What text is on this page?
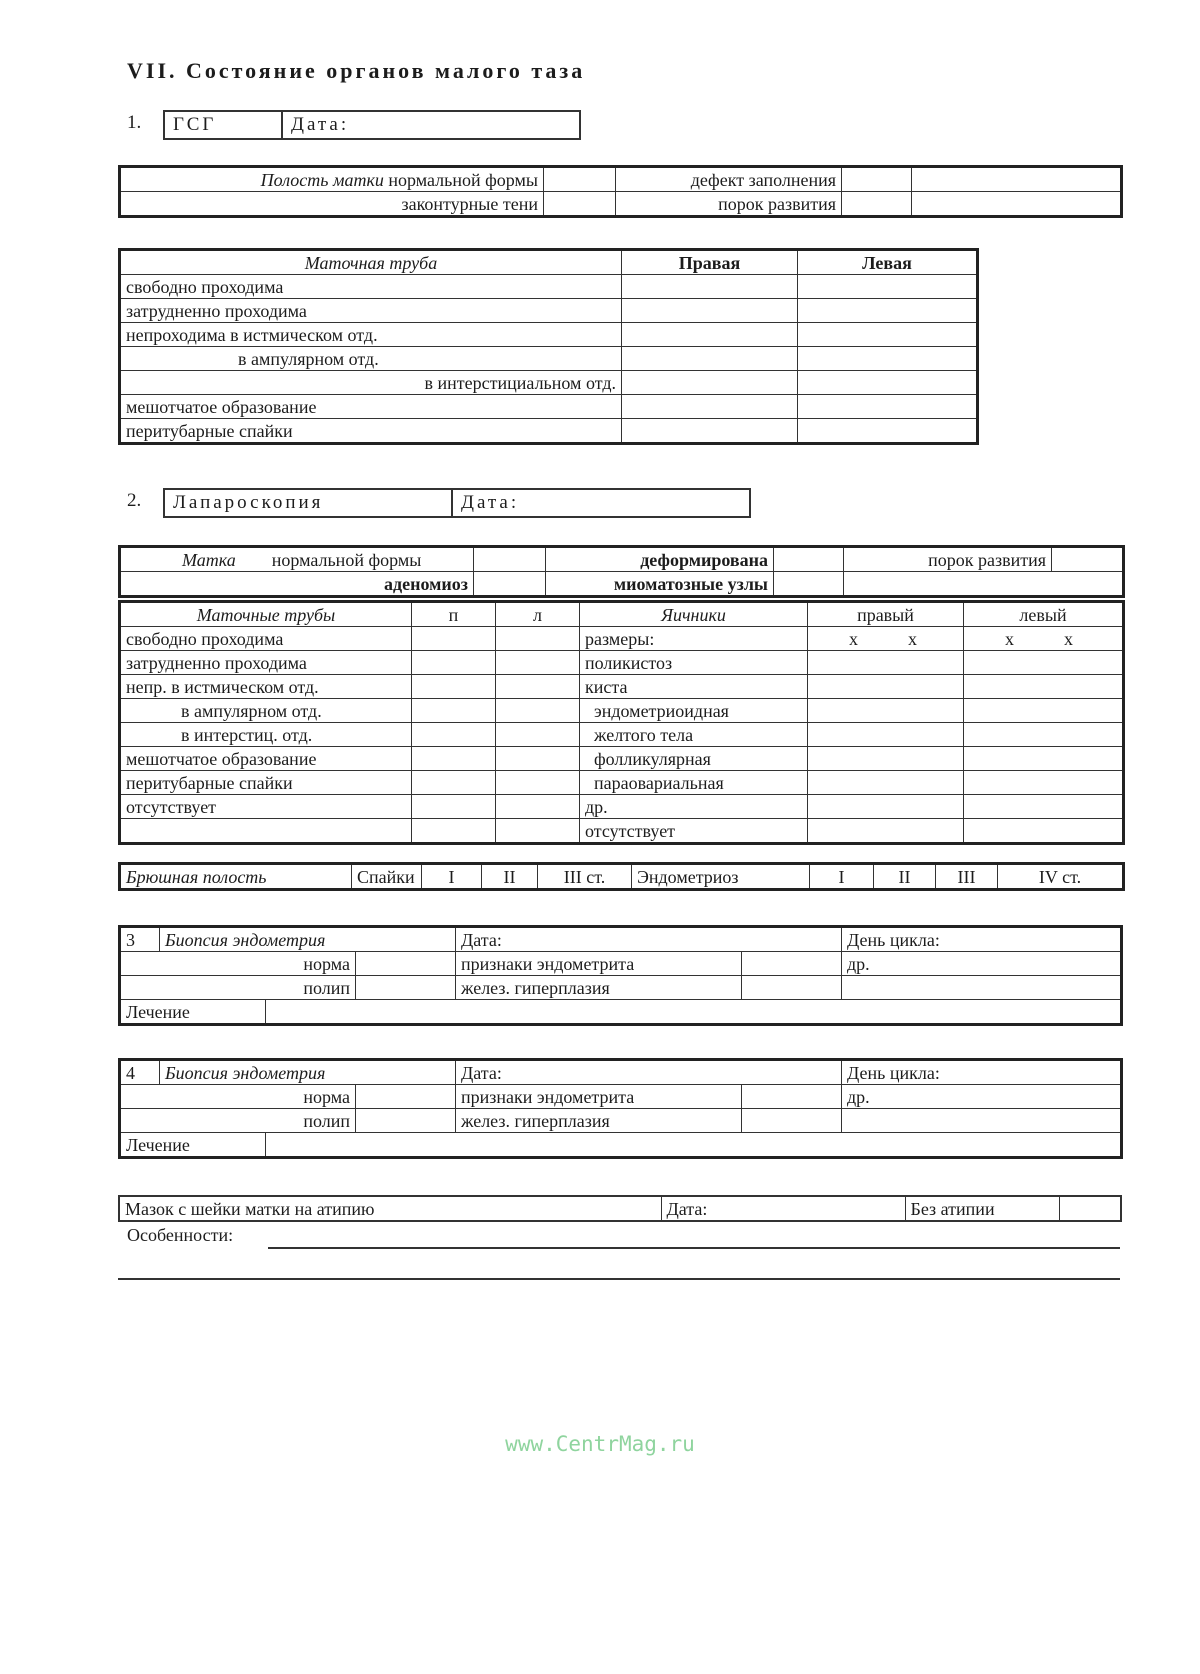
VII. Состояние органов малого таза
1.	ГСГ	Дата:
Полость матки нормальной формы		дефект заполнения		
законтурные тени		порок развития		
Маточная труба	Правая	Левая
свободно проходима		
затрудненно проходима		
непроходима в истмическом отд.		
в ампулярном отд.		
в интерстициальном отд.		
мешотчатое образование		
перитубарные спайки		
2.	Лапароскопия	Дата:
Матка нормальной формы		деформирована		порок развития	
аденомиоз		миоматозные узлы			
Маточные трубы	п	л	Яичники	правый	левый
свободно проходима			размеры:	х х	х х
затрудненно проходима			поликистоз		
непр. в истмическом отд.			киста		
в ампулярном отд.			эндометриоидная		
в интерстиц. отд.			желтого тела		
мешотчатое образование			фолликулярная		
перитубарные спайки			параовариальная		
отсутствует			др.		
			отсутствует		
Брюшная полость	Спайки	I	II	III ст.	Эндометриоз	I	II	III	IV ст.
3	Биопсия эндометрия			Дата:		День цикла:
норма				признаки эндометрита		др.
полип				желез. гиперплазия		
Лечение						
4	Биопсия эндометрия			Дата:		День цикла:
норма				признаки эндометрита		др.
полип				желез. гиперплазия		
Лечение						
Мазок с шейки матки на атипию	Дата:	Без атипии	
Особенности:
www.CentrMag.ru
